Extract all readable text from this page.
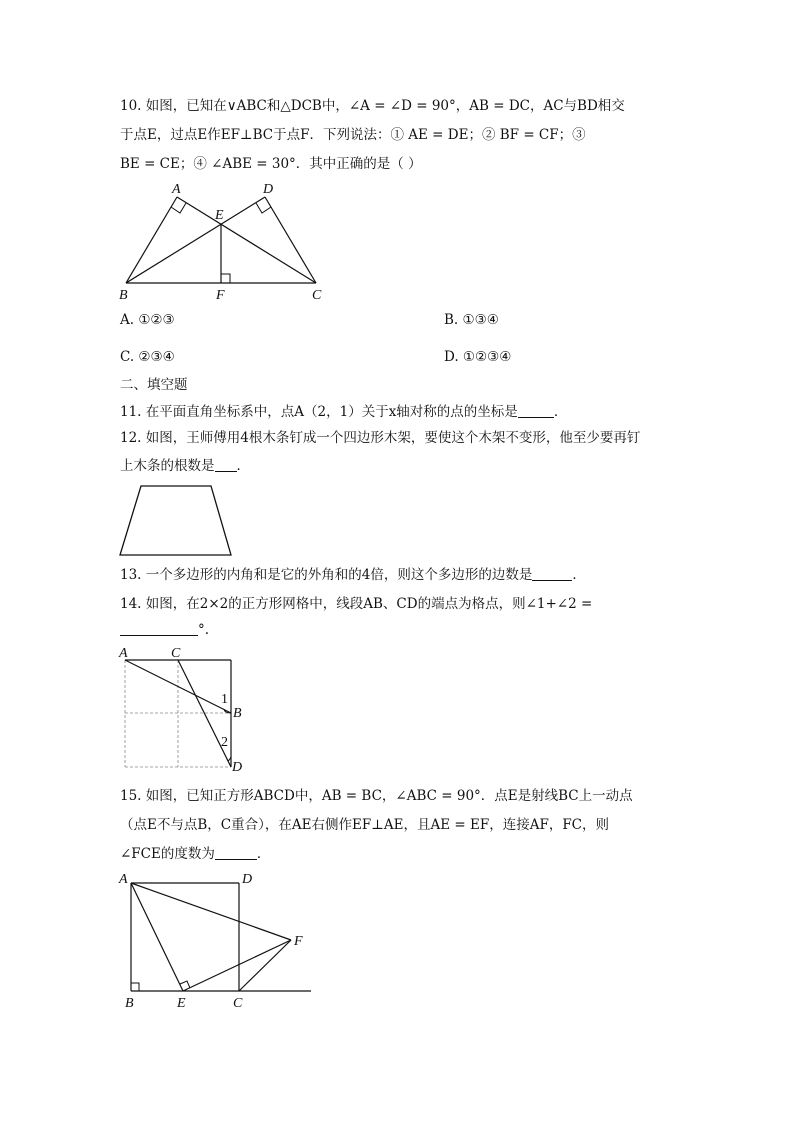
10. 如图，已知在∨ABC和△DCB中，∠A = ∠D = 90°，AB = DC，AC与BD相交
于点E，过点E作EF⊥BC于点F．下列说法：① AE = DE；② BF = CF；③
BE = CE；④ ∠ABE = 30°．其中正确的是（ ）
A	D
E
B	F	C
A. ①②③	B. ①③④
C. ②③④	D. ①②③④
二、填空题
11. 在平面直角坐标系中，点A（2，1）关于x轴对称的点的坐标是	．
12. 如图，王师傅用4根木条钉成一个四边形木架，要使这个木架不变形，他至少要再钉
上木条的根数是 ．
13. 一个多边形的内角和是它的外角和的4倍，则这个多边形的边数是	．
14. 如图，在2×2的正方形网格中，线段AB、CD的端点为格点，则∠1+∠2 =
°.
A	C
B
D
1
2
15. 如图，已知正方形ABCD中，AB = BC，∠ABC = 90°．点E是射线BC上一动点
（点E不与点B，C重合），在AE右侧作EF⊥AE，且AE = EF，连接AF，FC，则
∠FCE的度数为	．
A	D
F
B	E	C
